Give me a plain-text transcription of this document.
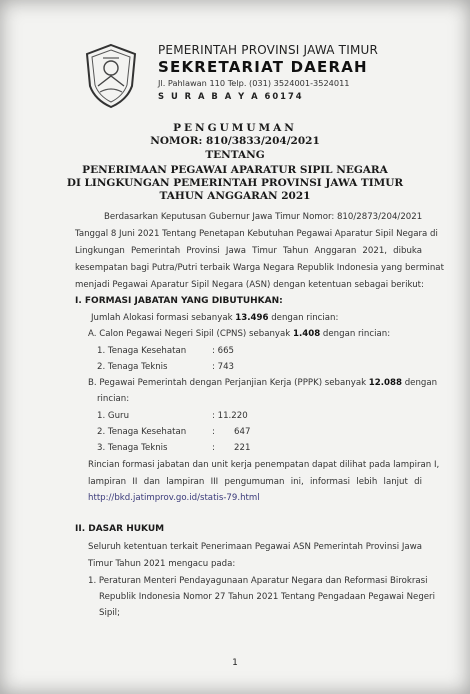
PEMERINTAH PROVINSI JAWA TIMUR
SEKRETARIAT DAERAH
Jl. Pahlawan 110 Telp. (031) 3524001-3524011
S U R A B A Y A 60174
PENGUMUMAN
NOMOR: 810/3833/204/2021
TENTANG
PENERIMAAN PEGAWAI APARATUR SIPIL NEGARA
DI LINGKUNGAN PEMERINTAH PROVINSI JAWA TIMUR
TAHUN ANGGARAN 2021
Berdasarkan Keputusan Gubernur Jawa Timur Nomor: 810/2873/204/2021
Tanggal 8 Juni 2021 Tentang Penetapan Kebutuhan Pegawai Aparatur Sipil Negara di
Lingkungan Pemerintah Provinsi Jawa Timur Tahun Anggaran 2021, dibuka
kesempatan bagi Putra/Putri terbaik Warga Negara Republik Indonesia yang berminat
menjadi Pegawai Aparatur Sipil Negara (ASN) dengan ketentuan sebagai berikut:
I. FORMASI JABATAN YANG DIBUTUHKAN:
Jumlah Alokasi formasi sebanyak 13.496 dengan rincian:
A. Calon Pegawai Negeri Sipil (CPNS) sebanyak 1.408 dengan rincian:
1. Tenaga Kesehatan	: 665
2. Tenaga Teknis	: 743
B. Pegawai Pemerintah dengan Perjanjian Kerja (PPPK) sebanyak 12.088 dengan
rincian:
1. Guru	: 11.220
2. Tenaga Kesehatan	:       647
3. Tenaga Teknis	:       221
Rincian formasi jabatan dan unit kerja penempatan dapat dilihat pada lampiran I,
lampiran II dan lampiran III pengumuman ini, informasi lebih lanjut di
http://bkd.jatimprov.go.id/statis-79.html
II. DASAR HUKUM
Seluruh ketentuan terkait Penerimaan Pegawai ASN Pemerintah Provinsi Jawa
Timur Tahun 2021 mengacu pada:
1. Peraturan Menteri Pendayagunaan Aparatur Negara dan Reformasi Birokrasi
Republik Indonesia Nomor 27 Tahun 2021 Tentang Pengadaan Pegawai Negeri
Sipil;
1
